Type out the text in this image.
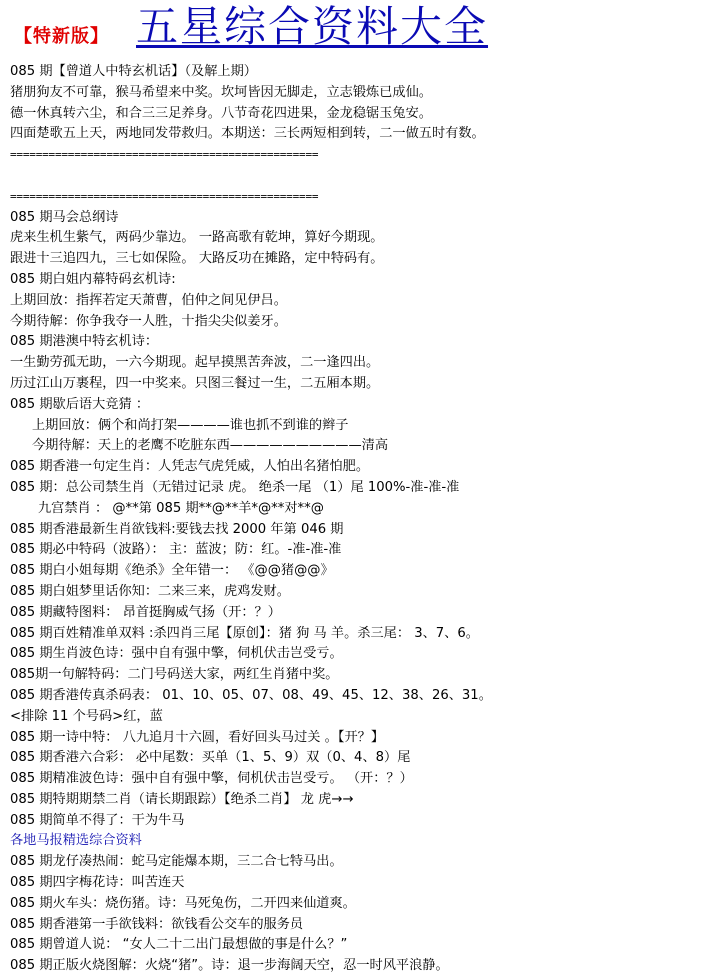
【特新版】 五星综合资料大全
085 期【曾道人中特玄机话】（及解上期）
猪朋狗友不可靠，猴马希望来中奖。坎坷皆因无脚走，立志锻炼已成仙。
德一休真转六尘，和合三三足养身。八节奇花四进果，金龙稳锯玉兔安。
四面楚歌五上天，两地同发带救归。本期送：三长两短相到转，二一做五时有数。
================================================
================================================
085 期马会总纲诗
虎来生机生紫气，两码少靠边。 一路高歌有乾坤，算好今期现。
跟进十三追四九，三七如保险。 大路反功在摊路，定中特码有。
085 期白姐内幕特码玄机诗:
上期回放：指挥若定天萧曹，伯仲之间见伊吕。
今期待解：你争我夺一人胜，十指尖尖似姜牙。
085 期港澳中特玄机诗：
一生勤劳孤无助，一六今期现。起早摸黑苦奔波，二一逢四出。
历过江山万裹程，四一中奖来。只图三餐过一生，二五厢本期。
085 期歇后语大竞猜 ：
上期回放：俩个和尚打架————谁也抓不到谁的辫子
今期待解：天上的老鹰不吃脏东西——————————清高
085 期香港一句定生肖：人凭志气虎凭威，人怕出名猪怕肥。
085 期：总公司禁生肖（无错过记录 虎。 绝杀一尾 （1）尾 100%-准-准-准
九宫禁肖 ： @**第 085 期**@**羊*@**对**@
085 期香港最新生肖欲钱料:要钱去找 2000 年第 046 期
085 期必中特码（波路）： 主：蓝波；防：红。-准-准-准
085 期白小姐每期《绝杀》全年错一： 《@@猪@@》
085 期白姐梦里话你知：二来三来，虎鸡发财。
085 期藏特图料： 昂首挺胸威气扬（开：？）
085 期百姓精准单双料 :杀四肖三尾【原创】：猪 狗 马 羊。杀三尾： 3、7、6。
085 期生肖波色诗：强中自有强中擎，伺机伏击岂受亏。
085期一句解特码：二门号码送大家，两红生肖猪中奖。
085 期香港传真杀码表： 01、10、05、07、08、49、45、12、38、26、31。
<排除 11 个号码>红，蓝
085 期一诗中特： 八九追月十六圆，看好回头马过关 。【开？】
085 期香港六合彩： 必中尾数：买单（1、5、9）双（0、4、8）尾
085 期精准波色诗：强中自有强中擎，伺机伏击岂受亏。 （开：？）
085 期特期期禁二肖（请长期跟踪）【绝杀二肖】 龙 虎→→
085 期简单不得了：干为牛马
各地马报精选综合资料
085 期龙仔凑热闹：蛇马定能爆本期，三二合七特马出。
085 期四字梅花诗：叫苦连天
085 期火车头：烧伤猪。诗：马死兔伤，二开四来仙道爽。
085 期香港第一手欲钱料：欲钱看公交车的服务员
085 期曾道人说： “女人二十二出门最想做的事是什么？”
085 期正版火烧图解：火烧“猪”。诗：退一步海阔天空，忍一时风平浪静。
